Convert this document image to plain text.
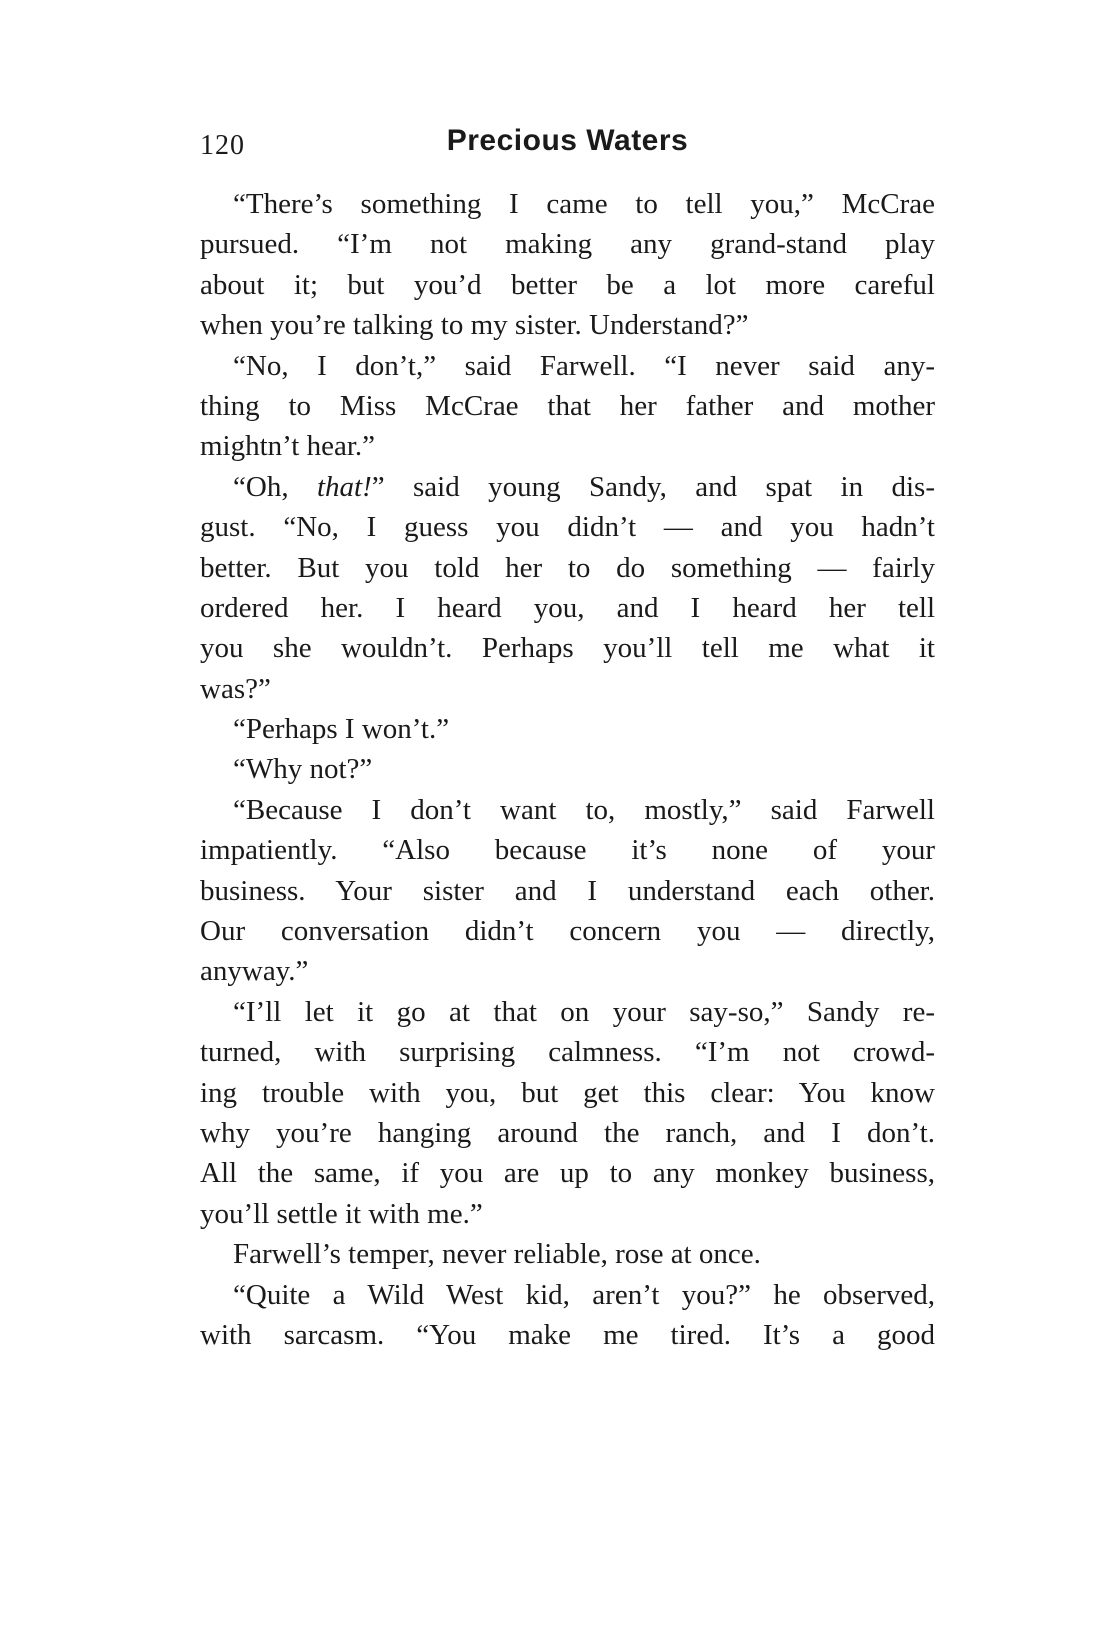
120	Precious Waters
“There’s something I came to tell you,” McCrae
pursued. “I’m not making any grand-stand play
about it; but you’d better be a lot more careful
when you’re talking to my sister. Understand?”
“No, I don’t,” said Farwell. “I never said any-
thing to Miss McCrae that her father and mother
mightn’t hear.”
“Oh, that!” said young Sandy, and spat in dis-
gust. “No, I guess you didn’t — and you hadn’t
better. But you told her to do something — fairly
ordered her. I heard you, and I heard her tell
you she wouldn’t. Perhaps you’ll tell me what it
was?”
“Perhaps I won’t.”
“Why not?”
“Because I don’t want to, mostly,” said Farwell
impatiently. “Also because it’s none of your
business. Your sister and I understand each other.
Our conversation didn’t concern you — directly,
anyway.”
“I’ll let it go at that on your say-so,” Sandy re-
turned, with surprising calmness. “I’m not crowd-
ing trouble with you, but get this clear: You know
why you’re hanging around the ranch, and I don’t.
All the same, if you are up to any monkey business,
you’ll settle it with me.”
Farwell’s temper, never reliable, rose at once.
“Quite a Wild West kid, aren’t you?” he observed,
with sarcasm. “You make me tired. It’s a good
